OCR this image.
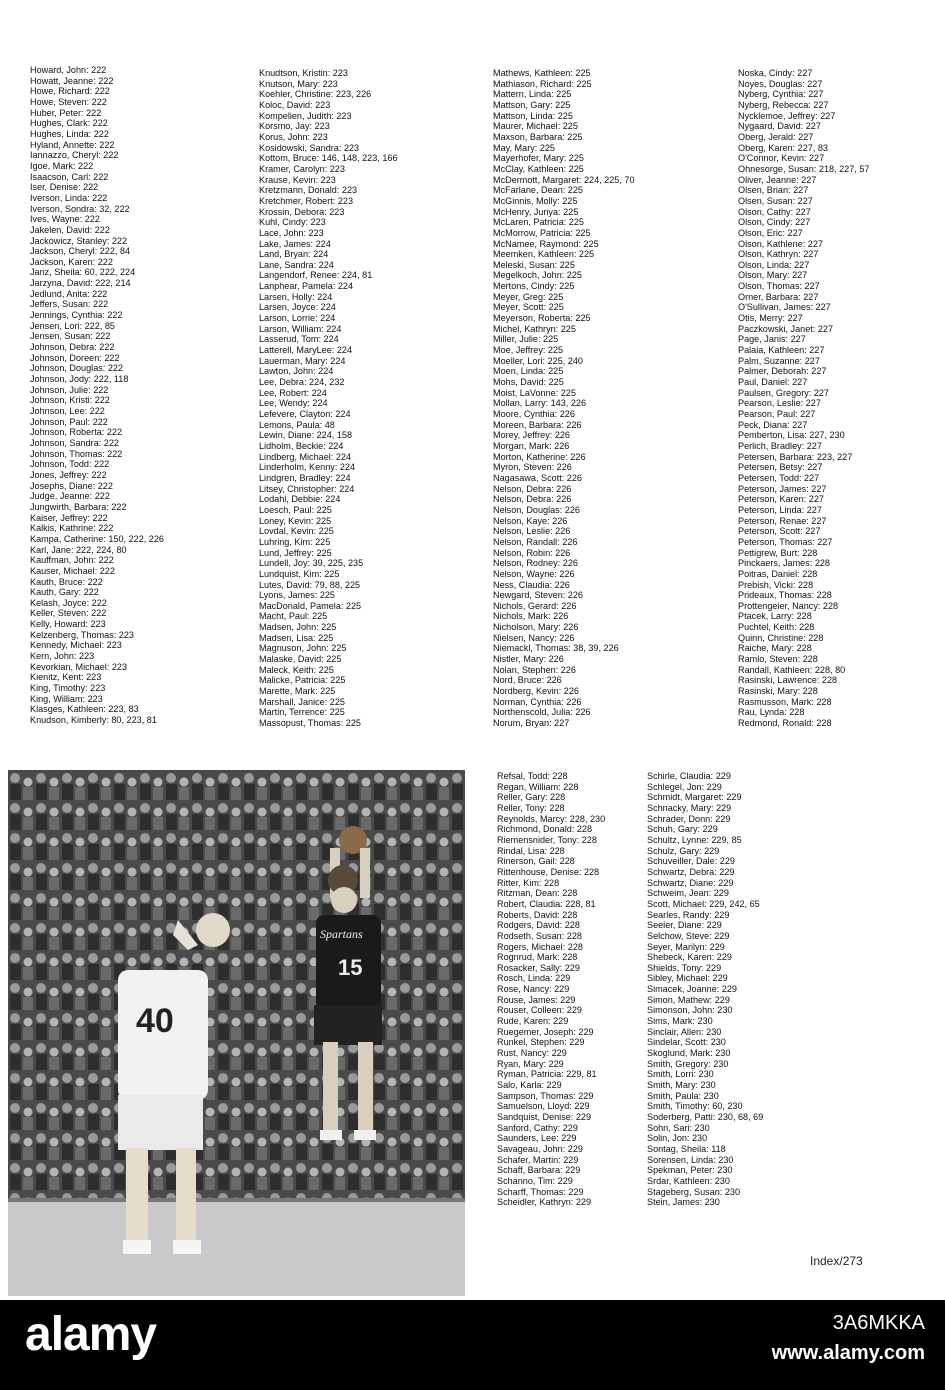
Howard, John: 222
Howatt, Jeanne: 222
Howe, Richard: 222
Howe, Steven: 222
Huber, Peter: 222
Hughes, Clark: 222
Hughes, Linda: 222
Hyland, Annette: 222
Iannazzo, Cheryl: 222
Igoe, Mark: 222
Isaacson, Carl: 222
Iser, Denise: 222
Iverson, Linda: 222
Iverson, Sondra: 32, 222
Ives, Wayne: 222
Jakelen, David: 222
Jackowicz, Stanley: 222
Jackson, Cheryl: 222, 84
Jackson, Karen: 222
Janz, Sheila: 60, 222, 224
Jarzyna, David: 222, 214
Jedlund, Anita: 222
Jeffers, Susan: 222
Jennings, Cynthia: 222
Jensen, Lori: 222, 85
Jensen, Susan: 222
Johnson, Debra: 222
Johnson, Doreen: 222
Johnson, Douglas: 222
Johnson, Jody: 222, 118
Johnson, Julie: 222
Johnson, Kristi: 222
Johnson, Lee: 222
Johnson, Paul: 222
Johnson, Roberta: 222
Johnson, Sandra: 222
Johnson, Thomas: 222
Johnson, Todd: 222
Jones, Jeffrey: 222
Josephs, Diane: 222
Judge, Jeanne: 222
Jungwirth, Barbara: 222
Kaiser, Jeffrey: 222
Kalkis, Kathrine: 222
Kampa, Catherine: 150, 222, 226
Karl, Jane: 222, 224, 80
Kauffman, John: 222
Kauser, Michael: 222
Kauth, Bruce: 222
Kauth, Gary: 222
Kelash, Joyce: 222
Keller, Steven: 222
Kelly, Howard: 223
Kelzenberg, Thomas: 223
Kennedy, Michael: 223
Kern, John: 223
Kevorkian, Michael: 223
Kienitz, Kent: 223
King, Timothy: 223
King, William: 223
Klasges, Kathleen: 223, 83
Knudson, Kimberly: 80, 223, 81
Knudtson, Kristin: 223
Knutson, Mary: 223
Koehler, Christine: 223, 226
Koloc, David: 223
Kompelien, Judith: 223
Korsmo, Jay: 223
Korus, John: 223
Kosidowski, Sandra: 223
Kottom, Bruce: 146, 148, 223, 166
Kramer, Carolyn: 223
Krause, Kevin: 223
Kretzmann, Donald: 223
Kretchmer, Robert: 223
Krossin, Debora: 223
Kuhl, Cindy: 223
Lace, John: 223
Lake, James: 224
Land, Bryan: 224
Lane, Sandra: 224
Langendorf, Renee: 224, 81
Lanphear, Pamela: 224
Larsen, Holly: 224
Larsen, Joyce: 224
Larson, Lorrie: 224
Larson, William: 224
Lasserud, Tom: 224
Latterell, MaryLee: 224
Lauerman, Mary: 224
Lawton, John: 224
Lee, Debra: 224, 232
Lee, Robert: 224
Lee, Wendy: 224
Lefevere, Clayton: 224
Lemons, Paula: 48
Lewin, Diane: 224, 158
Lidholm, Beckie: 224
Lindberg, Michael: 224
Linderholm, Kenny: 224
Lindgren, Bradley: 224
Litsey, Christopher: 224
Lodahl, Debbie: 224
Loesch, Paul: 225
Loney, Kevin: 225
Lovdal, Kevin: 225
Luhring, Kim: 225
Lund, Jeffrey: 225
Lundell, Joy: 39, 225, 235
Lundquist, Kim: 225
Lutes, David: 79, 88, 225
Lyons, James: 225
MacDonald, Pamela: 225
Macht, Paul: 225
Madsen, John: 225
Madsen, Lisa: 225
Magnuson, John: 225
Malaske, David: 225
Maleck, Keith: 225
Malicke, Patricia: 225
Marette, Mark: 225
Marshall, Janice: 225
Martin, Terrence: 225
Massopust, Thomas: 225
Mathews, Kathleen: 225
Mathiason, Richard: 225
Mattern, Linda: 225
Mattson, Gary: 225
Mattson, Linda: 225
Maurer, Michael: 225
Maxson, Barbara: 225
May, Mary: 225
Mayerhofer, Mary: 225
McClay, Kathleen: 225
McDermott, Margaret: 224, 225, 70
McFarlane, Dean: 225
McGinnis, Molly: 225
McHenry, Junya: 225
McLaren, Patricia: 225
McMorrow, Patricia: 225
McNamee, Raymond: 225
Meemken, Kathleen: 225
Meleski, Susan: 225
Megelkoch, John: 225
Mertons, Cindy: 225
Meyer, Greg: 225
Meyer, Scott: 225
Meyerson, Roberta: 225
Michel, Kathryn: 225
Miller, Julie: 225
Moe, Jeffrey: 225
Moeller, Lori: 225, 240
Moen, Linda: 225
Mohs, David: 225
Moist, LaVonne: 225
Mollan, Larry: 143, 226
Moore, Cynthia: 226
Moreen, Barbara: 226
Morey, Jeffrey: 226
Morgan, Mark: 226
Morton, Katherine: 226
Myron, Steven: 226
Nagasawa, Scott: 226
Nelson, Debra: 226
Nelson, Debra: 226
Nelson, Douglas: 226
Nelson, Kaye: 226
Nelson, Leslie: 226
Nelson, Randall: 226
Nelson, Robin: 226
Nelson, Rodney: 226
Nelson, Wayne: 226
Ness, Claudia: 226
Newgard, Steven: 226
Nichols, Gerard: 226
Nichols, Mark: 226
Nicholson, Mary: 226
Nielsen, Nancy: 226
Niemackl, Thomas: 38, 39, 226
Nistler, Mary: 226
Nolan, Stephen: 226
Nord, Bruce: 226
Nordberg, Kevin: 226
Norman, Cynthia: 226
Northenscold, Julia: 226
Norum, Bryan: 227
Noska, Cindy: 227
Noyes, Douglas: 227
Nyberg, Cynthia: 227
Nyberg, Rebecca: 227
Nycklemoe, Jeffrey: 227
Nygaard, David: 227
Oberg, Jerald: 227
Oberg, Karen: 227, 83
O'Connor, Kevin: 227
Ohnesorge, Susan: 218, 227, 57
Oliver, Jeanne: 227
Olsen, Brian: 227
Olsen, Susan: 227
Olson, Cathy: 227
Olson, Cindy: 227
Olson, Eric: 227
Olson, Kathlene: 227
Olson, Kathryn: 227
Olson, Linda: 227
Olson, Mary: 227
Olson, Thomas: 227
Orner, Barbara: 227
O'Sullivan, James: 227
Otis, Merry: 227
Paczkowski, Janet: 227
Page, Janis: 227
Palaia, Kathleen: 227
Palm, Suzanne: 227
Palmer, Deborah: 227
Paul, Daniel: 227
Paulsen, Gregory: 227
Pearson, Leslie: 227
Pearson, Paul: 227
Peck, Diana: 227
Pemberton, Lisa: 227, 230
Perlich, Bradley: 227
Petersen, Barbara: 223, 227
Petersen, Betsy: 227
Petersen, Todd: 227
Peterson, James: 227
Peterson, Karen: 227
Peterson, Linda: 227
Peterson, Renae: 227
Peterson, Scott: 227
Peterson, Thomas: 227
Pettigrew, Burt: 228
Pinckaers, James: 228
Poitras, Daniel: 228
Prebish, Vicki: 228
Prideaux, Thomas: 228
Prottengeier, Nancy: 228
Ptacek, Larry: 228
Puchtel, Keith: 228
Quinn, Christine: 228
Raiche, Mary: 228
Ramlo, Steven: 228
Randall, Kathleen: 228, 80
Rasinski, Lawrence: 228
Rasinski, Mary: 228
Rasmusson, Mark: 228
Rau, Lynda: 228
Redmond, Ronald: 228
40
Spartans
15
Refsal, Todd: 228
Regan, William: 228
Reller, Gary: 228
Reller, Tony: 228
Reynolds, Marcy: 228, 230
Richmond, Donald: 228
Riemensnider, Tony: 228
Rindal, Lisa: 228
Rinerson, Gail: 228
Rittenhouse, Denise: 228
Ritter, Kim: 228
Ritzman, Dean: 228
Robert, Claudia: 228, 81
Roberts, David: 228
Rodgers, David: 228
Rodseth, Susan: 228
Rogers, Michael: 228
Rognrud, Mark: 228
Rosacker, Sally: 229
Rosch, Linda: 229
Rose, Nancy: 229
Rouse, James: 229
Rouser, Colleen: 229
Rude, Karen: 229
Ruegemer, Joseph: 229
Runkel, Stephen: 229
Rust, Nancy: 229
Ryan, Mary: 229
Ryman, Patricia: 229, 81
Salo, Karla: 229
Sampson, Thomas: 229
Samuelson, Lloyd: 229
Sandquist, Denise: 229
Sanford, Cathy: 229
Saunders, Lee: 229
Savageau, John: 229
Schafer, Martin: 229
Schaff, Barbara: 229
Schanno, Tim: 229
Scharff, Thomas: 229
Scheidler, Kathryn: 229
Schirle, Claudia: 229
Schlegel, Jon: 229
Schmidt, Margaret: 229
Schnacky, Mary: 229
Schrader, Donn: 229
Schuh, Gary: 229
Schultz, Lynne: 229, 85
Schulz, Gary: 229
Schuveiller, Dale: 229
Schwartz, Debra: 229
Schwartz, Diane: 229
Schweim, Jean: 229
Scott, Michael: 229, 242, 65
Searles, Randy: 229
Seeler, Diane: 229
Selchow, Steve: 229
Seyer, Marilyn: 229
Shebeck, Karen: 229
Shields, Tony: 229
Sibley, Michael: 229
Simacek, Joanne: 229
Simon, Mathew: 229
Simonson, John: 230
Sims, Mark: 230
Sinclair, Allen: 230
Sindelar, Scott: 230
Skoglund, Mark: 230
Smith, Gregory: 230
Smith, Lorri: 230
Smith, Mary: 230
Smith, Paula: 230
Smith, Timothy: 60, 230
Soderberg, Patti: 230, 68, 69
Sohn, Sari: 230
Solin, Jon: 230
Sontag, Sheila: 118
Sorensen, Linda: 230
Spekman, Peter: 230
Srdar, Kathleen: 230
Stageberg, Susan: 230
Stein, James: 230
Index/273
alamy	3A6MKKA
www.alamy.com
